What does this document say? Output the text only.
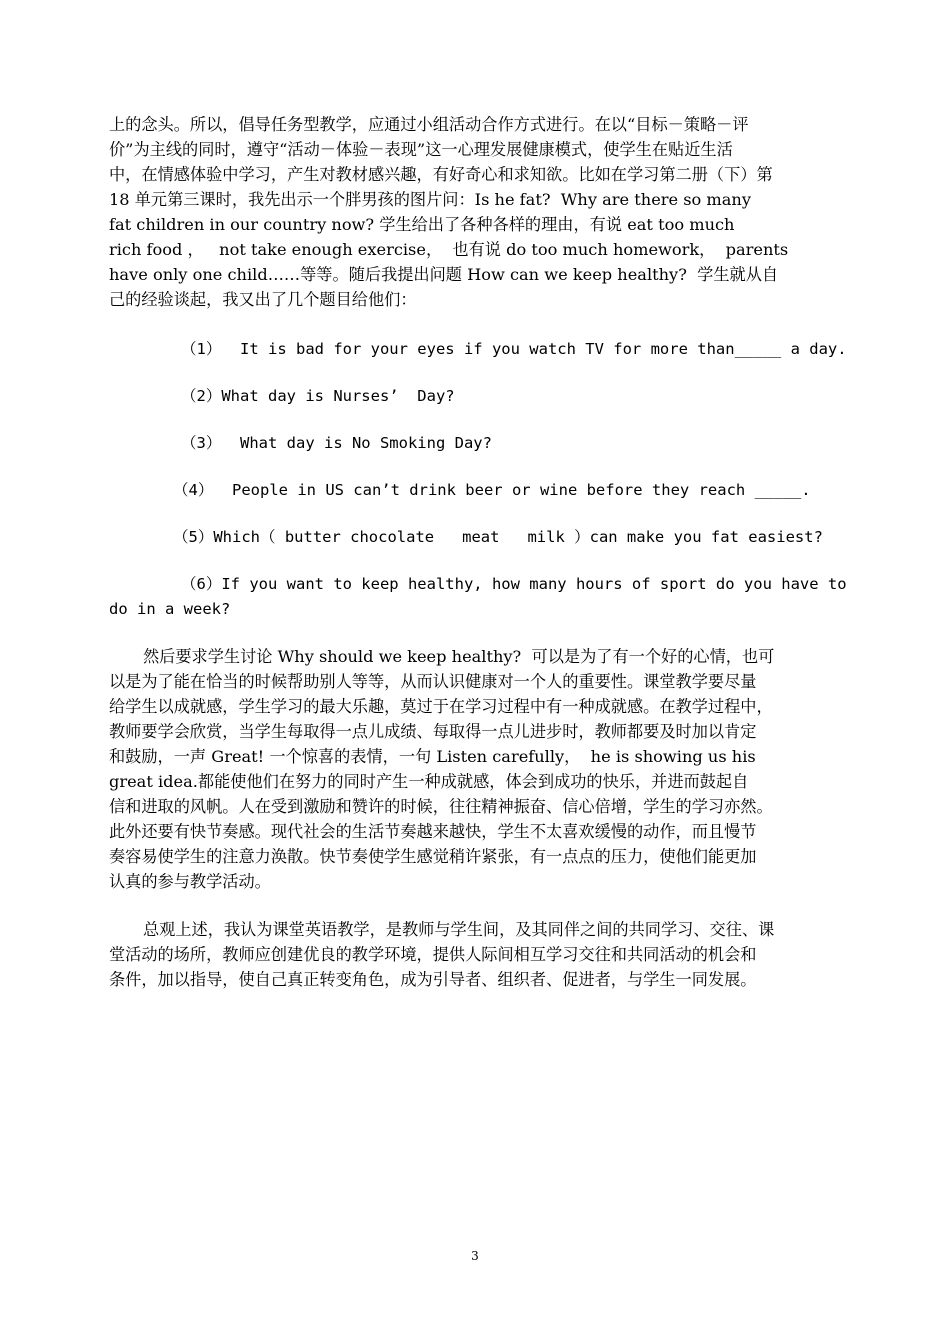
上的念头。所以，倡导任务型教学，应通过小组活动合作方式进行。在以“目标－策略－评

价”为主线的同时，遵守“活动－体验－表现”这一心理发展健康模式，使学生在贴近生活

中，在情感体验中学习，产生对教材感兴趣，有好奇心和求知欲。比如在学习第二册（下）第

18 单元第三课时，我先出示一个胖男孩的图片问：Is he fat?  Why are there so many

fat children in our country now? 学生给出了各种各样的理由，有说 eat too much

rich food ，   not take enough exercise，  也有说 do too much homework，  parents

have only one child……等等。随后我提出问题 How can we keep healthy?  学生就从自

己的经验谈起，我又出了几个题目给他们：

（1）  It is bad for your eyes if you watch TV for more than_____ a day.

（2）What day is Nurses’  Day?

（3）  What day is No Smoking Day?

（4）  People in US can’t drink beer or wine before they reach _____.

（5）Which（ butter chocolate   meat   milk ）can make you fat easiest?

（6）If you want to keep healthy, how many hours of sport do you have to

do in a week?

然后要求学生讨论 Why should we keep healthy?  可以是为了有一个好的心情，也可

以是为了能在恰当的时候帮助别人等等，从而认识健康对一个人的重要性。课堂教学要尽量

给学生以成就感，学生学习的最大乐趣，莫过于在学习过程中有一种成就感。在教学过程中，

教师要学会欣赏，当学生每取得一点儿成绩、每取得一点儿进步时，教师都要及时加以肯定

和鼓励，一声 Great! 一个惊喜的表情，一句 Listen carefully，  he is showing us his

great idea.都能使他们在努力的同时产生一种成就感，体会到成功的快乐，并进而鼓起自

信和进取的风帆。人在受到激励和赞许的时候，往往精神振奋、信心倍增，学生的学习亦然。

此外还要有快节奏感。现代社会的生活节奏越来越快，学生不太喜欢缓慢的动作，而且慢节

奏容易使学生的注意力涣散。快节奏使学生感觉稍许紧张，有一点点的压力，使他们能更加

认真的参与教学活动。

总观上述，我认为课堂英语教学，是教师与学生间，及其同伴之间的共同学习、交往、课

堂活动的场所，教师应创建优良的教学环境，提供人际间相互学习交往和共同活动的机会和

条件，加以指导，使自己真正转变角色，成为引导者、组织者、促进者，与学生一同发展。

3
